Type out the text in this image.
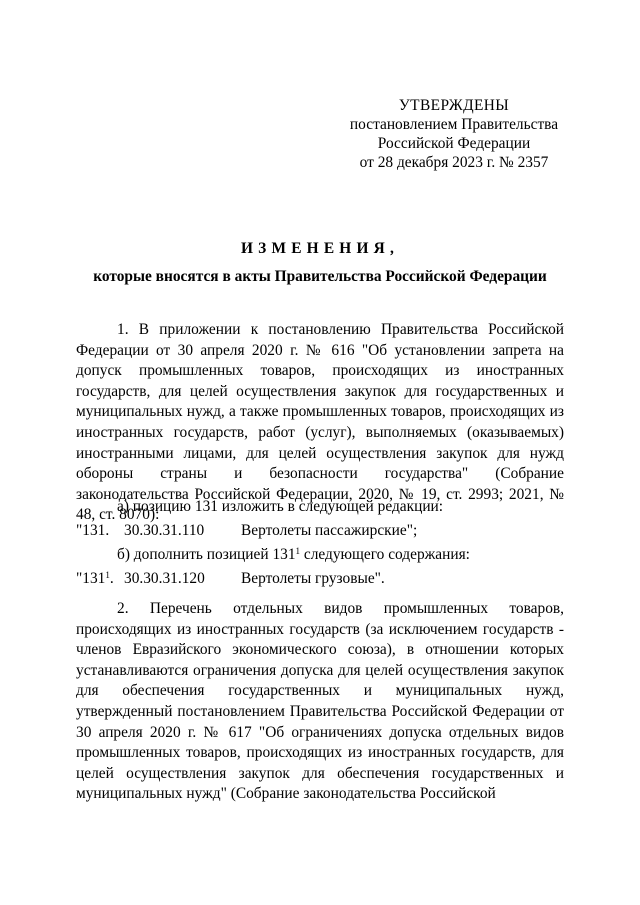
УТВЕРЖДЕНЫ
постановлением Правительства
Российской Федерации
от 28 декабря 2023 г. № 2357
ИЗМЕНЕНИЯ,
которые вносятся в акты Правительства Российской Федерации

1. В приложении к постановлению Правительства Российской Федерации от 30 апреля 2020 г. № 616 "Об установлении запрета на допуск промышленных товаров, происходящих из иностранных государств, для целей осуществления закупок для государственных и муниципальных нужд, а также промышленных товаров, происходящих из иностранных государств, работ (услуг), выполняемых (оказываемых) иностранными лицами, для целей осуществления закупок для нужд обороны страны и безопасности государства" (Собрание законодательства Российской Федерации, 2020, № 19, ст. 2993; 2021, № 48, ст. 8070):

а) позицию 131 изложить в следующей редакции:
"131. 30.30.31.110 Вертолеты пассажирские";
б) дополнить позицией $131^1$ следующего содержания:
"$131^1$. 30.30.31.120 Вертолеты грузовые".

2. Перечень отдельных видов промышленных товаров, происходящих из иностранных государств (за исключением государств - членов Евразийского экономического союза), в отношении которых устанавливаются ограничения допуска для целей осуществления закупок для обеспечения государственных и муниципальных нужд, утвержденный постановлением Правительства Российской Федерации от 30 апреля 2020 г. № 617 "Об ограничениях допуска отдельных видов промышленных товаров, происходящих из иностранных государств, для целей осуществления закупок для обеспечения государственных и муниципальных нужд" (Собрание законодательства Российской
